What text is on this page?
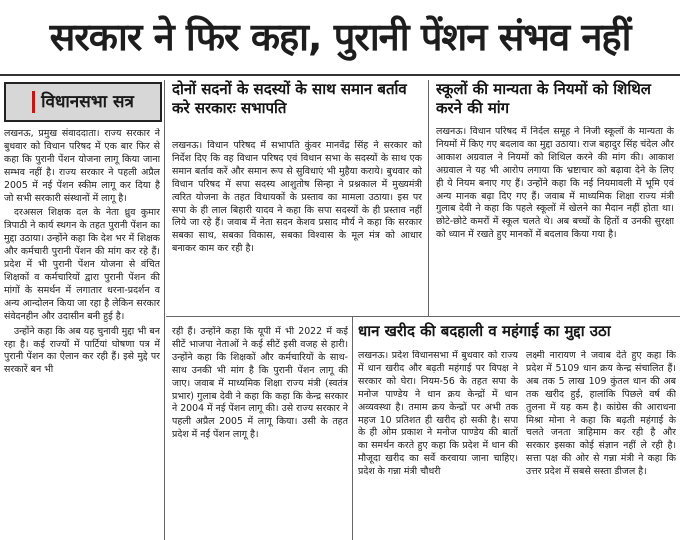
सरकार ने फिर कहा, पुरानी पेंशन संभव नहीं
विधानसभा सत्र

लखनऊ, प्रमुख संवाददाता। राज्य सरकार ने बुधवार को विधान परिषद में एक बार फिर से कहा कि पुरानी पेंशन योजना लागू किया जाना सम्भव नहीं है। राज्य सरकार ने पहली अप्रैल 2005 में नई पेंशन स्कीम लागू कर दिया है जो सभी सरकारी संस्थानों में लागू है।

दरअसल शिक्षक दल के नेता ध्रुव कुमार त्रिपाठी ने कार्य स्थगन के तहत पुरानी पेंशन का मुद्दा उठाया। उन्होंने कहा कि देश भर में शिक्षक और कर्मचारी पुरानी पेंशन की मांग कर रहे हैं। प्रदेश में भी पुरानी पेंशन योजना से वंचित शिक्षकों व कर्मचारियों द्वारा पुरानी पेंशन की मांगों के समर्थन में लगातार धरना-प्रदर्शन व अन्य आन्दोलन किया जा रहा है लेकिन सरकार संवेदनहीन और उदासीन बनी हुई है।

उन्होंने कहा कि अब यह चुनावी मुद्दा भी बन रहा है। कई राज्यों में पार्टियां घोषणा पत्र में पुरानी पेंशन का ऐलान कर रही हैं। इसे मुद्दे पर सरकारें बन भी

दोनों सदनों के सदस्यों के साथ समान बर्ताव करे सरकारः सभापति
लखनऊ। विधान परिषद में सभापति कुंवर मानवेंद्र सिंह ने सरकार को निर्देश दिए कि वह विधान परिषद एवं विधान सभा के सदस्यों के साथ एक समान बर्ताव करें और समान रूप से सुविधाएं भी मुहैया कराये। बुधवार को विधान परिषद में सपा सदस्य आशुतोष सिन्हा ने प्रश्नकाल में मुख्यमंत्री त्वरित योजना के तहत विधायकों के प्रस्ताव का मामला उठाया। इस पर सपा के ही लाल बिहारी यादव ने कहा कि सपा सदस्यों के ही प्रस्ताव नहीं लिये जा रहे हैं। जवाब में नेता सदन केशव प्रसाद मौर्य ने कहा कि सरकार सबका साथ, सबका विकास, सबका विश्वास के मूल मंत्र को आधार बनाकर काम कर रही है।
स्कूलों की मान्यता के नियमों को शिथिल करने की मांग
लखनऊ। विधान परिषद में निर्दल समूह ने निजी स्कूलों के मान्यता के नियमों में किए गए बदलाव का मुद्दा उठाया। राज बहादुर सिंह चंदेल और आकाश अग्रवाल ने नियमों को शिथिल करने की मांग की। आकाश अग्रवाल ने यह भी आरोप लगाया कि भ्रष्टाचार को बढ़ावा देने के लिए ही ये नियम बनाए गए हैं। उन्होंने कहा कि नई नियमावली में भूमि एवं अन्य मानक बढ़ा दिए गए हैं। जवाब में माध्यमिक शिक्षा राज्य मंत्री गुलाब देवी ने कहा कि पहले स्कूलों में खेलने का मैदान नहीं होता था। छोटे-छोटे कमरों में स्कूल चलते थे। अब बच्चों के हितों व उनकी सुरक्षा को ध्यान में रखते हुए मानकों में बदलाव किया गया है।
रही हैं। उन्होंने कहा कि यूपी में भी 2022 में कई सीटें भाजपा नेताओं ने कई सीटें इसी वजह से हारी। उन्होंने कहा कि शिक्षकों और कर्मचारियों के साथ-साथ उनकी भी मांग है कि पुरानी पेंशन लागू की जाए। जवाब में माध्यमिक शिक्षा राज्य मंत्री (स्वतंत्र प्रभार) गुलाब देवी ने कहा कि कहा कि केन्द्र सरकार ने 2004 में नई पेंशन लागू की। उसे राज्य सरकार ने पहली अप्रैल 2005 में लागू किया। उसी के तहत प्रदेश में नई पेंशन लागू है।
धान खरीद की बदहाली व महंगाई का मुद्दा उठा
लखनऊ। प्रदेश विधानसभा में बुधवार को राज्य में धान खरीद और बढ़ती महंगाई पर विपक्ष ने सरकार को घेरा। नियम-56 के तहत सपा के मनोज पाण्डेय ने धान क्रय केन्द्रों में धान अव्यवस्था है। तमाम क्रय केन्द्रों पर अभी तक महज 10 प्रतिशत ही खरीद हो सकी है। सपा के ही ओम प्रकाश ने मनोज पाण्डेय की बातों का समर्थन करते हुए कहा कि प्रदेश में धान की मौजूदा खरीद का सर्वे करवाया जाना चाहिए। प्रदेश के गन्ना मंत्री चौधरी
लक्ष्मी नारायण ने जवाब देते हुए कहा कि प्रदेश में 5109 धान क्रय केन्द्र संचालित हैं। अब तक 5 लाख 109 कुंतल धान की अब तक खरीद हुई, हालांकि पिछले वर्ष की तुलना में यह कम है। कांग्रेस की आराधना मिश्रा मोना ने कहा कि बढ़ती महंगाई के चलते जनता त्राहिमाम कर रही है और सरकार इसका कोई संज्ञान नहीं ले रही है। सत्ता पक्ष की ओर से गन्ना मंत्री ने कहा कि उत्तर प्रदेश में सबसे सस्ता डीजल है।
